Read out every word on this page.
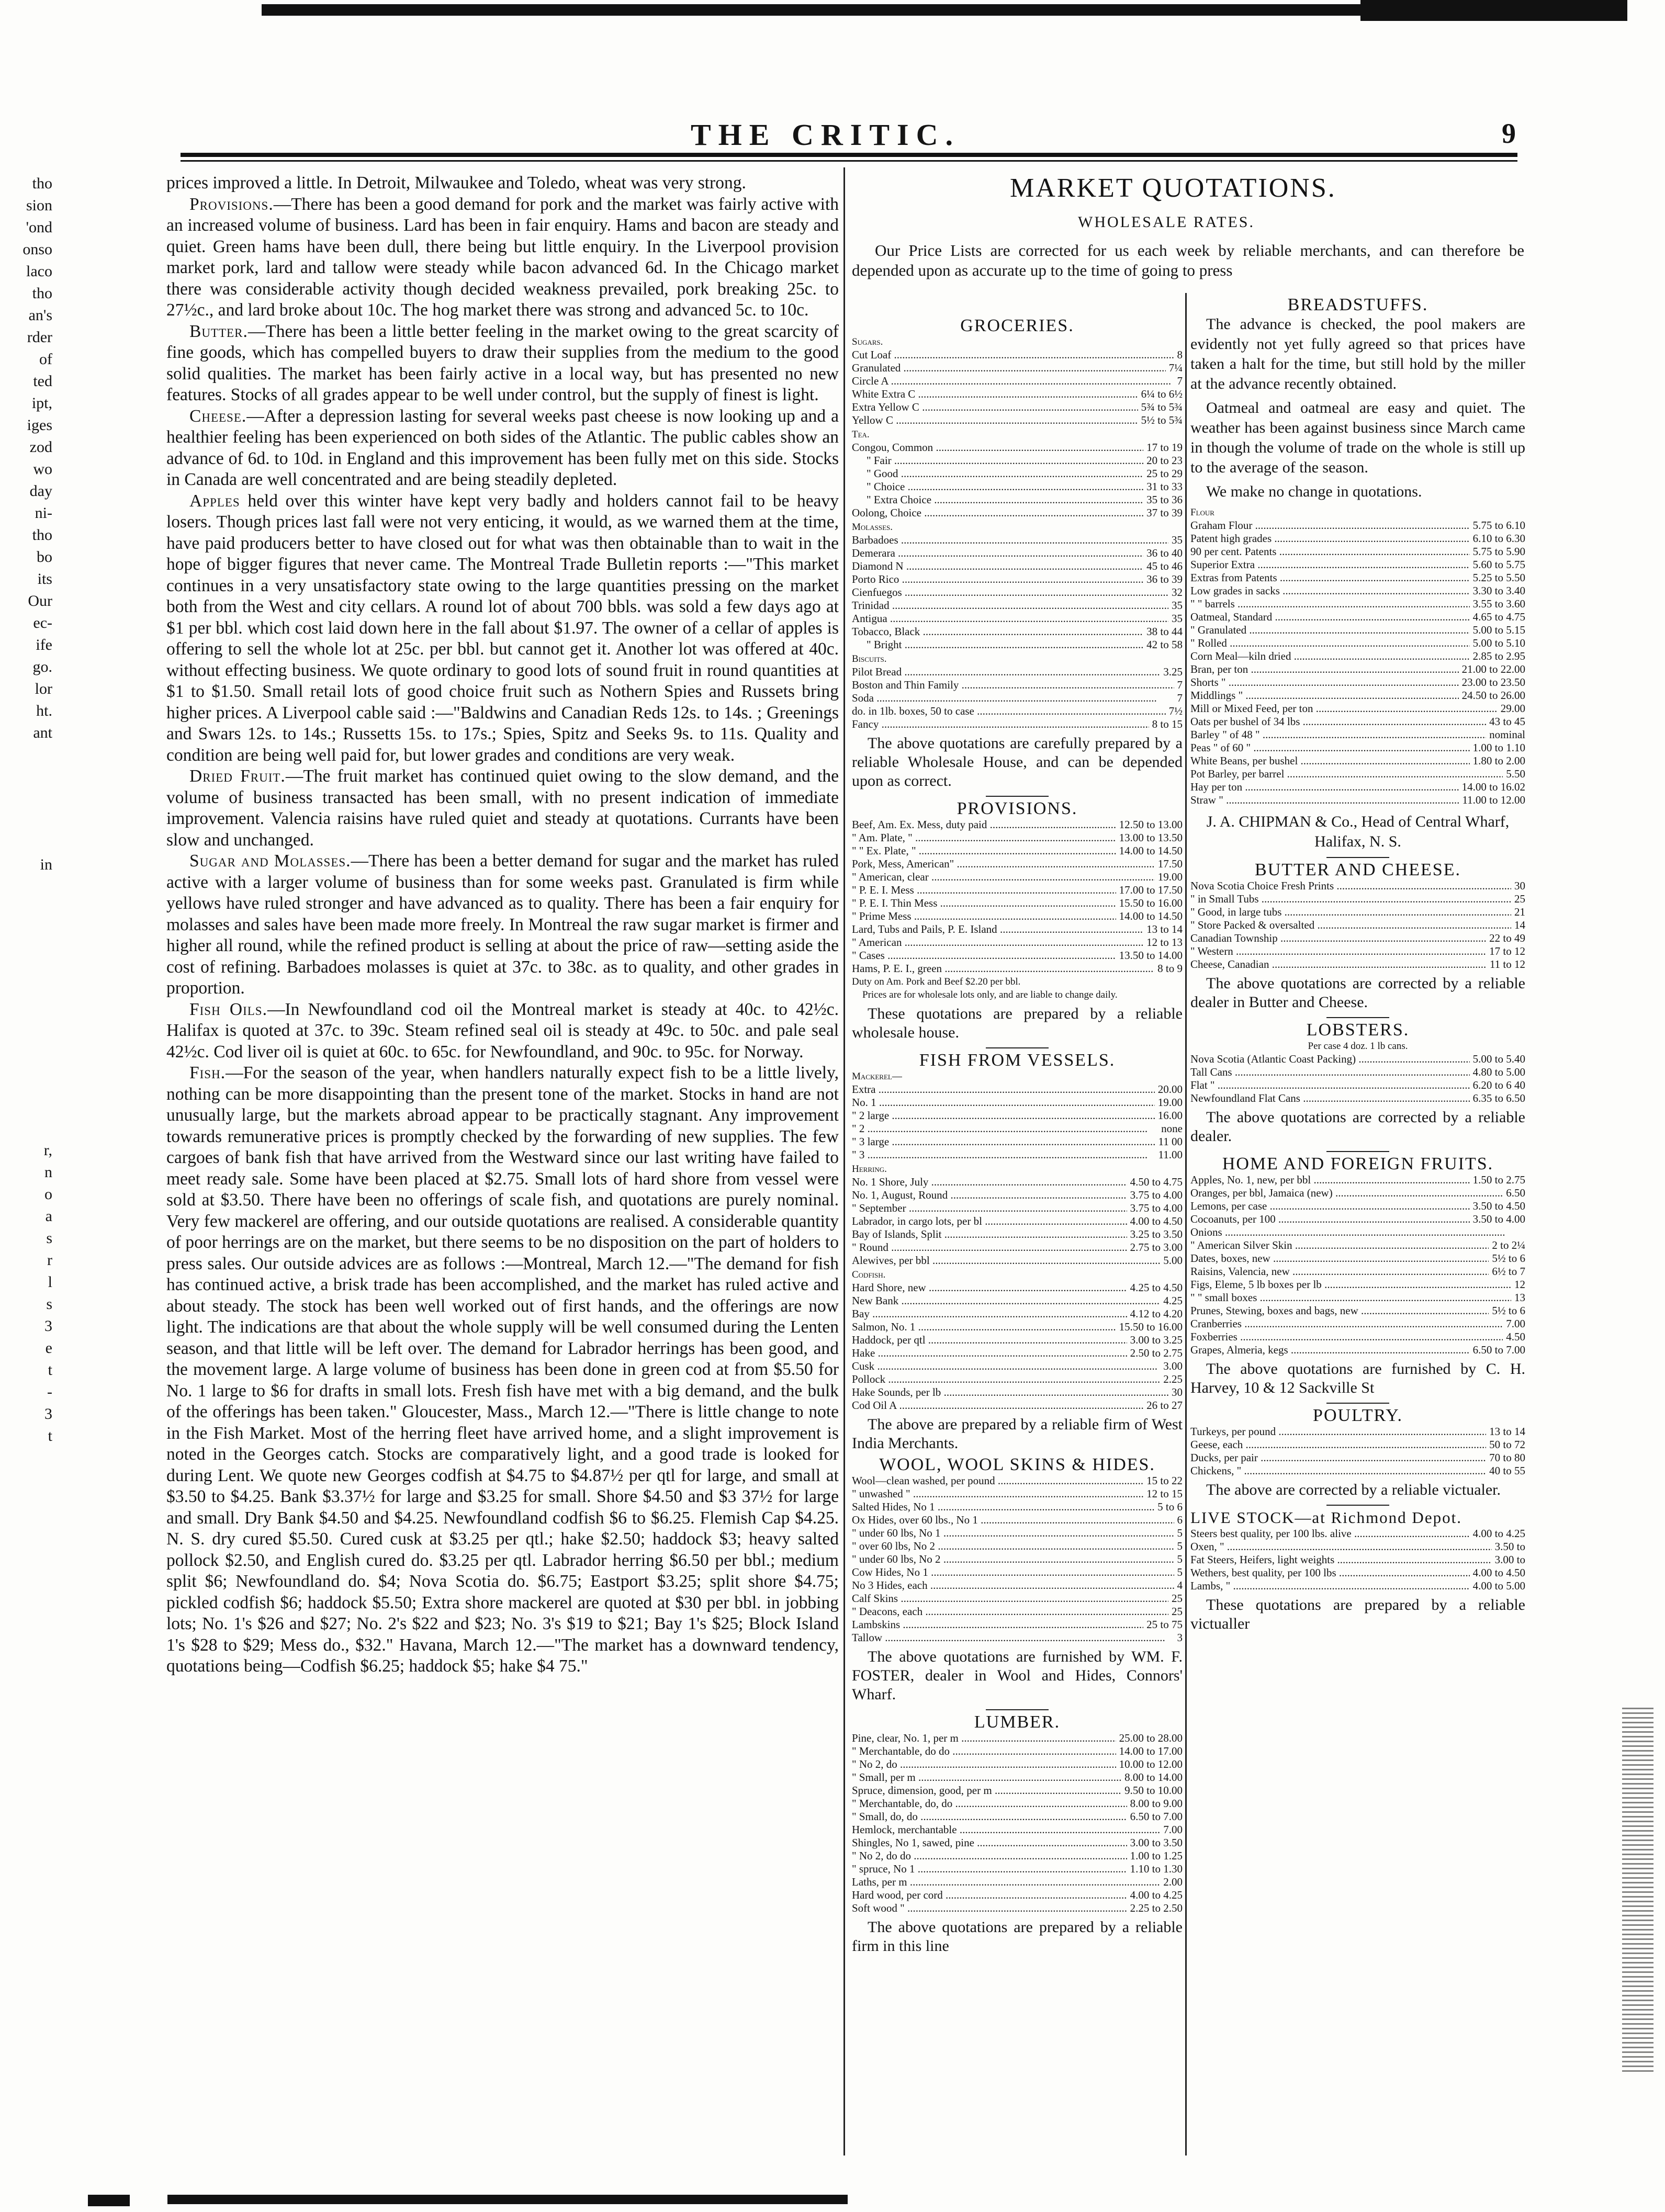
THE CRITIC.	9
tho
sion
'ond
onso
laco
tho
an's
rder
of
ted
ipt,
iges
zod
wo
day
ni-
tho
bo
its
Our
ec-
ife
go.
lor
ht.
ant
in
r,
n
o
a
s
r
l
s
3
e
t
-
3
t

prices improved a little. In Detroit, Milwaukee and Toledo, wheat was very strong.

Provisions.—There has been a good demand for pork and the market was fairly active with an increased volume of business. Lard has been in fair enquiry. Hams and bacon are steady and quiet. Green hams have been dull, there being but little enquiry. In the Liverpool provision market pork, lard and tallow were steady while bacon advanced 6d. In the Chicago market there was considerable activity though decided weakness prevailed, pork breaking 25c. to 27½c., and lard broke about 10c. The hog market there was strong and advanced 5c. to 10c.

Butter.—There has been a little better feeling in the market owing to the great scarcity of fine goods, which has compelled buyers to draw their supplies from the medium to the good solid qualities. The market has been fairly active in a local way, but has presented no new features. Stocks of all grades appear to be well under control, but the supply of finest is light.

Cheese.—After a depression lasting for several weeks past cheese is now looking up and a healthier feeling has been experienced on both sides of the Atlantic. The public cables show an advance of 6d. to 10d. in England and this improvement has been fully met on this side. Stocks in Canada are well concentrated and are being steadily depleted.

Apples held over this winter have kept very badly and holders cannot fail to be heavy losers. Though prices last fall were not very enticing, it would, as we warned them at the time, have paid producers better to have closed out for what was then obtainable than to wait in the hope of bigger figures that never came. The Montreal Trade Bulletin reports :—"This market continues in a very unsatisfactory state owing to the large quantities pressing on the market both from the West and city cellars. A round lot of about 700 bbls. was sold a few days ago at $1 per bbl. which cost laid down here in the fall about $1.97. The owner of a cellar of apples is offering to sell the whole lot at 25c. per bbl. but cannot get it. Another lot was offered at 40c. without effecting business. We quote ordinary to good lots of sound fruit in round quantities at $1 to $1.50. Small retail lots of good choice fruit such as Nothern Spies and Russets bring higher prices. A Liverpool cable said :—"Baldwins and Canadian Reds 12s. to 14s. ; Greenings and Swars 12s. to 14s.; Russetts 15s. to 17s.; Spies, Spitz and Seeks 9s. to 11s. Quality and condition are being well paid for, but lower grades and conditions are very weak.

Dried Fruit.—The fruit market has continued quiet owing to the slow demand, and the volume of business transacted has been small, with no present indication of immediate improvement. Valencia raisins have ruled quiet and steady at quotations. Currants have been slow and unchanged.

Sugar and Molasses.—There has been a better demand for sugar and the market has ruled active with a larger volume of business than for some weeks past. Granulated is firm while yellows have ruled stronger and have advanced as to quality. There has been a fair enquiry for molasses and sales have been made more freely. In Montreal the raw sugar market is firmer and higher all round, while the refined product is selling at about the price of raw—setting aside the cost of refining. Barbadoes molasses is quiet at 37c. to 38c. as to quality, and other grades in proportion.

Fish Oils.—In Newfoundland cod oil the Montreal market is steady at 40c. to 42½c. Halifax is quoted at 37c. to 39c. Steam refined seal oil is steady at 49c. to 50c. and pale seal 42½c. Cod liver oil is quiet at 60c. to 65c. for Newfoundland, and 90c. to 95c. for Norway.

Fish.—For the season of the year, when handlers naturally expect fish to be a little lively, nothing can be more disappointing than the present tone of the market. Stocks in hand are not unusually large, but the markets abroad appear to be practically stagnant. Any improvement towards remunerative prices is promptly checked by the forwarding of new supplies. The few cargoes of bank fish that have arrived from the Westward since our last writing have failed to meet ready sale. Some have been placed at $2.75. Small lots of hard shore from vessel were sold at $3.50. There have been no offerings of scale fish, and quotations are purely nominal. Very few mackerel are offering, and our outside quotations are realised. A considerable quantity of poor herrings are on the market, but there seems to be no disposition on the part of holders to press sales. Our outside advices are as follows :—Montreal, March 12.—"The demand for fish has continued active, a brisk trade has been accomplished, and the market has ruled active and about steady. The stock has been well worked out of first hands, and the offerings are now light. The indications are that about the whole supply will be well consumed during the Lenten season, and that little will be left over. The demand for Labrador herrings has been good, and the movement large. A large volume of business has been done in green cod at from $5.50 for No. 1 large to $6 for drafts in small lots. Fresh fish have met with a big demand, and the bulk of the offerings has been taken." Gloucester, Mass., March 12.—"There is little change to note in the Fish Market. Most of the herring fleet have arrived home, and a slight improvement is noted in the Georges catch. Stocks are comparatively light, and a good trade is looked for during Lent. We quote new Georges codfish at $4.75 to $4.87½ per qtl for large, and small at $3.50 to $4.25. Bank $3.37½ for large and $3.25 for small. Shore $4.50 and $3 37½ for large and small. Dry Bank $4.50 and $4.25. Newfoundland codfish $6 to $6.25. Flemish Cap $4.25. N. S. dry cured $5.50. Cured cusk at $3.25 per qtl.; hake $2.50; haddock $3; heavy salted pollock $2.50, and English cured do. $3.25 per qtl. Labrador herring $6.50 per bbl.; medium split $6; Newfoundland do. $4; Nova Scotia do. $6.75; Eastport $3.25; split shore $4.75; pickled codfish $6; haddock $5.50; Extra shore mackerel are quoted at $30 per bbl. in jobbing lots; No. 1's $26 and $27; No. 2's $22 and $23; No. 3's $19 to $21; Bay 1's $25; Block Island 1's $28 to $29; Mess do., $32." Havana, March 12.—"The market has a downward tendency, quotations being—Codfish $6.25; haddock $5; hake $4 75."

MARKET QUOTATIONS.
WHOLESALE RATES.
Our Price Lists are corrected for us each week by reliable merchants, and can therefore be depended upon as accurate up to the time of going to press
GROCERIES.
Sugars.
Cut Loaf .....	8
Granulated .....	7¼
Circle A .....	7
White Extra C .....	6¼ to 6½
Extra Yellow C .....	5¾ to 5¾
Yellow C .....	5½ to 5¾
Tea.
Congou, Common .....	17 to 19
" Fair .....	20 to 23
" Good .....	25 to 29
" Choice .....	31 to 33
" Extra Choice .....	35 to 36
Oolong, Choice .....	37 to 39
Molasses.
Barbadoes .....	35
Demerara .....	36 to 40
Diamond N .....	45 to 46
Porto Rico .....	36 to 39
Cienfuegos .....	32
Trinidad .....	35
Antigua .....	35
Tobacco, Black .....	38 to 44
" Bright .....	42 to 58
Biscuits.
Pilot Bread .....	3.25
Boston and Thin Family .....	7
Soda .....	7
do. in 1lb. boxes, 50 to case .....	7½
Fancy .....	8 to 15
The above quotations are carefully prepared by a reliable Wholesale House, and can be depended upon as correct.
PROVISIONS.
Beef, Am. Ex. Mess, duty paid .....	12.50 to 13.00
" Am. Plate, " .....	13.00 to 13.50
" " Ex. Plate, " .....	14.00 to 14.50
Pork, Mess, American" .....	17.50
" American, clear .....	19.00
" P. E. I. Mess .....	17.00 to 17.50
" P. E. I. Thin Mess .....	15.50 to 16.00
" Prime Mess .....	14.00 to 14.50
Lard, Tubs and Pails, P. E. Island .....	13 to 14
" American .....	12 to 13
" Cases .....	13.50 to 14.00
Hams, P. E. I., green .....	8 to 9
Duty on Am. Pork and Beef $2.20 per bbl.
Prices are for wholesale lots only, and are liable to change daily.
These quotations are prepared by a reliable wholesale house.
FISH FROM VESSELS.
Mackerel—
Extra .....	20.00
No. 1 .....	19.00
" 2 large .....	16.00
" 2 .....	none
" 3 large .....	11 00
" 3 .....	11.00
Herring.
No. 1 Shore, July .....	4.50 to 4.75
No. 1, August, Round .....	3.75 to 4.00
" September .....	3.75 to 4.00
Labrador, in cargo lots, per bl .....	4.00 to 4.50
Bay of Islands, Split .....	3.25 to 3.50
" Round .....	2.75 to 3.00
Alewives, per bbl .....	5.00
Codfish.
Hard Shore, new .....	4.25 to 4.50
New Bank .....	4.25
Bay .....	4.12 to 4.20
Salmon, No. 1 .....	15.50 to 16.00
Haddock, per qtl .....	3.00 to 3.25
Hake .....	2.50 to 2.75
Cusk .....	3.00
Pollock .....	2.25
Hake Sounds, per lb .....	30
Cod Oil A .....	26 to 27
The above are prepared by a reliable firm of West India Merchants.
WOOL, WOOL SKINS & HIDES.
Wool—clean washed, per pound .....	15 to 22
" unwashed " .....	12 to 15
Salted Hides, No 1 .....	5 to 6
Ox Hides, over 60 lbs., No 1 .....	6
" under 60 lbs, No 1 .....	5
" over 60 lbs, No 2 .....	5
" under 60 lbs, No 2 .....	5
Cow Hides, No 1 .....	5
No 3 Hides, each .....	4
Calf Skins .....	25
" Deacons, each .....	25
Lambskins .....	25 to 75
Tallow .....	3
The above quotations are furnished by WM. F. FOSTER, dealer in Wool and Hides, Connors' Wharf.
LUMBER.
Pine, clear, No. 1, per m .....	25.00 to 28.00
" Merchantable, do do .....	14.00 to 17.00
" No 2, do .....	10.00 to 12.00
" Small, per m .....	8.00 to 14.00
Spruce, dimension, good, per m .....	9.50 to 10.00
" Merchantable, do, do .....	8.00 to 9.00
" Small, do, do .....	6.50 to 7.00
Hemlock, merchantable .....	7.00
Shingles, No 1, sawed, pine .....	3.00 to 3.50
" No 2, do do .....	1.00 to 1.25
" spruce, No 1 .....	1.10 to 1.30
Laths, per m .....	2.00
Hard wood, per cord .....	4.00 to 4.25
Soft wood " .....	2.25 to 2.50
The above quotations are prepared by a reliable firm in this line
BREADSTUFFS.
The advance is checked, the pool makers are evidently not yet fully agreed so that prices have taken a halt for the time, but still hold by the miller at the advance recently obtained.
Oatmeal and oatmeal are easy and quiet. The weather has been against business since March came in though the volume of trade on the whole is still up to the average of the season.
We make no change in quotations.
Flour
Graham Flour .....	5.75 to 6.10
Patent high grades .....	6.10 to 6.30
90 per cent. Patents .....	5.75 to 5.90
Superior Extra .....	5.60 to 5.75
Extras from Patents .....	5.25 to 5.50
Low grades in sacks .....	3.30 to 3.40
" " barrels .....	3.55 to 3.60
Oatmeal, Standard .....	4.65 to 4.75
" Granulated .....	5.00 to 5.15
" Rolled .....	5.00 to 5.10
Corn Meal—kiln dried .....	2.85 to 2.95
Bran, per ton .....	21.00 to 22.00
Shorts " .....	23.00 to 23.50
Middlings " .....	24.50 to 26.00
Mill or Mixed Feed, per ton .....	29.00
Oats per bushel of 34 lbs .....	43 to 45
Barley " of 48 " .....	nominal
Peas " of 60 " .....	1.00 to 1.10
White Beans, per bushel .....	1.80 to 2.00
Pot Barley, per barrel .....	5.50
Hay per ton .....	14.00 to 16.02
Straw " .....	11.00 to 12.00
J. A. CHIPMAN & Co., Head of Central Wharf, Halifax, N. S.
BUTTER AND CHEESE.
Nova Scotia Choice Fresh Prints .....	30
" in Small Tubs .....	25
" Good, in large tubs .....	21
" Store Packed & oversalted .....	14
Canadian Township .....	22 to 49
" Western .....	17 to 12
Cheese, Canadian .....	11 to 12
The above quotations are corrected by a reliable dealer in Butter and Cheese.
LOBSTERS.
Per case 4 doz. 1 lb cans.
Nova Scotia (Atlantic Coast Packing) .....	5.00 to 5.40
Tall Cans .....	4.80 to 5.00
Flat " .....	6.20 to 6 40
Newfoundland Flat Cans .....	6.35 to 6.50
The above quotations are corrected by a reliable dealer.
HOME AND FOREIGN FRUITS.
Apples, No. 1, new, per bbl .....	1.50 to 2.75
Oranges, per bbl, Jamaica (new) .....	6.50
Lemons, per case .....	3.50 to 4.50
Cocoanuts, per 100 .....	3.50 to 4.00
Onions .....
" American Silver Skin .....	2 to 2¼
Dates, boxes, new .....	5½ to 6
Raisins, Valencia, new .....	6½ to 7
Figs, Eleme, 5 lb boxes per lb .....	12
" " small boxes .....	13
Prunes, Stewing, boxes and bags, new .....	5½ to 6
Cranberries .....	7.00
Foxberries .....	4.50
Grapes, Almeria, kegs .....	6.50 to 7.00
The above quotations are furnished by C. H. Harvey, 10 & 12 Sackville St
POULTRY.
Turkeys, per pound .....	13 to 14
Geese, each .....	50 to 72
Ducks, per pair .....	70 to 80
Chickens, " .....	40 to 55
The above are corrected by a reliable victualer.
LIVE STOCK—at Richmond Depot.
Steers best quality, per 100 lbs. alive .....	4.00 to 4.25
Oxen, " .....	3.50 to
Fat Steers, Heifers, light weights .....	3.00 to
Wethers, best quality, per 100 lbs .....	4.00 to 4.50
Lambs, " .....	4.00 to 5.00
These quotations are prepared by a reliable victualler
